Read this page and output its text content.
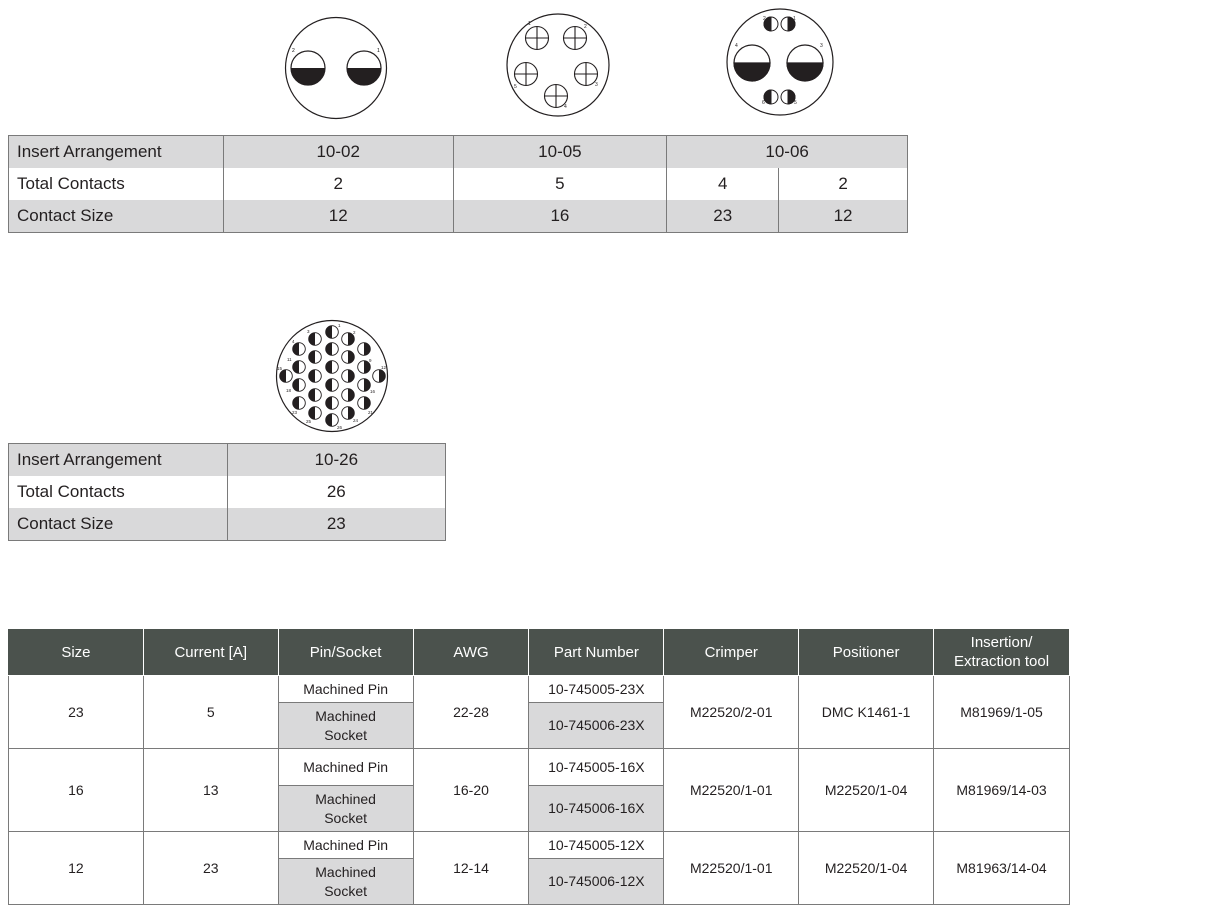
2	1
1	2
5	3
4
2	1
4	3
6	5
Insert Arrangement	10-02	10-05	10-06	
Total Contacts	2	5	4	2
Contact Size	12	16	23	12
1
2
3
4
9
11
12
15
16
18
21
23
24
25
26
Insert Arrangement	10-26
Total Contacts	26
Contact Size	23
Size	Current [A]	Pin/Socket	AWG	Part Number	Crimper	Positioner	Insertion/
Extraction tool
23	5	Machined Pin	22-28	10-745005-23X	M22520/2-01	DMC K1461-1	M81969/1-05
		Machined Socket		10-745006-23X			
16	13	Machined Pin	16-20	10-745005-16X	M22520/1-01	M22520/1-04	M81969/14-03
		Machined Socket		10-745006-16X			
12	23	Machined Pin	12-14	10-745005-12X	M22520/1-01	M22520/1-04	M81963/14-04
		Machined Socket		10-745006-12X			
